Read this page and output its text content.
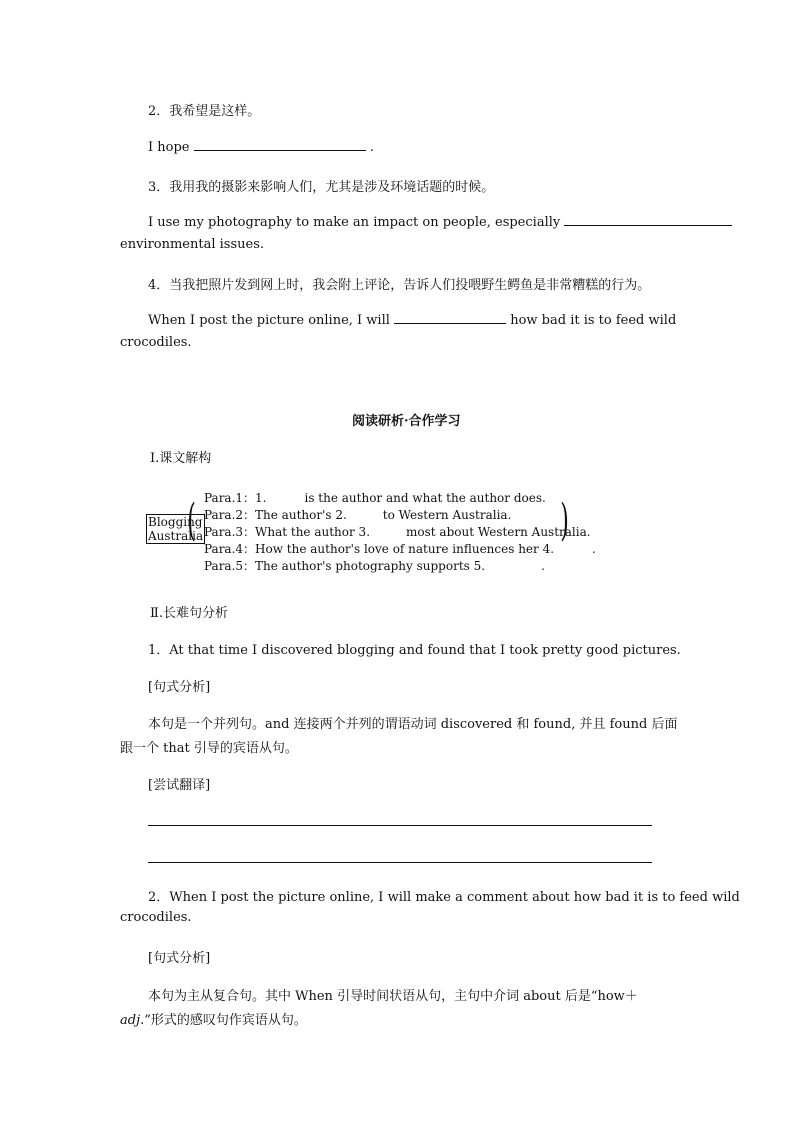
2．我希望是这样。
I hope	.
3．我用我的摄影来影响人们，尤其是涉及环境话题的时候。
I use my photography to make an impact on people, especially
environmental issues.
4．当我把照片发到网上时，我会附上评论，告诉人们投喂野生鳄鱼是非常糟糕的行为。
When I post the picture online, I will	how bad it is to feed wild
crocodiles.
阅读研析·合作学习
Ⅰ.课文解构
Blogging
Australia
(	)
Para.1：1.	is the author and what the author does.
Para.2：The author's 2.	to Western Australia.
Para.3：What the author 3.	most about Western Australia.
Para.4：How the author's love of nature influences her 4.	.
Para.5：The author's photography supports 5.	.
Ⅱ.长难句分析
1．At that time I discovered blogging and found that I took pretty good pictures.
[句式分析]
本句是一个并列句。and 连接两个并列的谓语动词 discovered 和 found, 并且 found 后面
跟一个 that 引导的宾语从句。
[尝试翻译]
2．When I post the picture online, I will make a comment about how bad it is to feed wild
crocodiles.
[句式分析]
本句为主从复合句。其中 When 引导时间状语从句，主句中介词 about 后是“how＋
adj.”形式的感叹句作宾语从句。
